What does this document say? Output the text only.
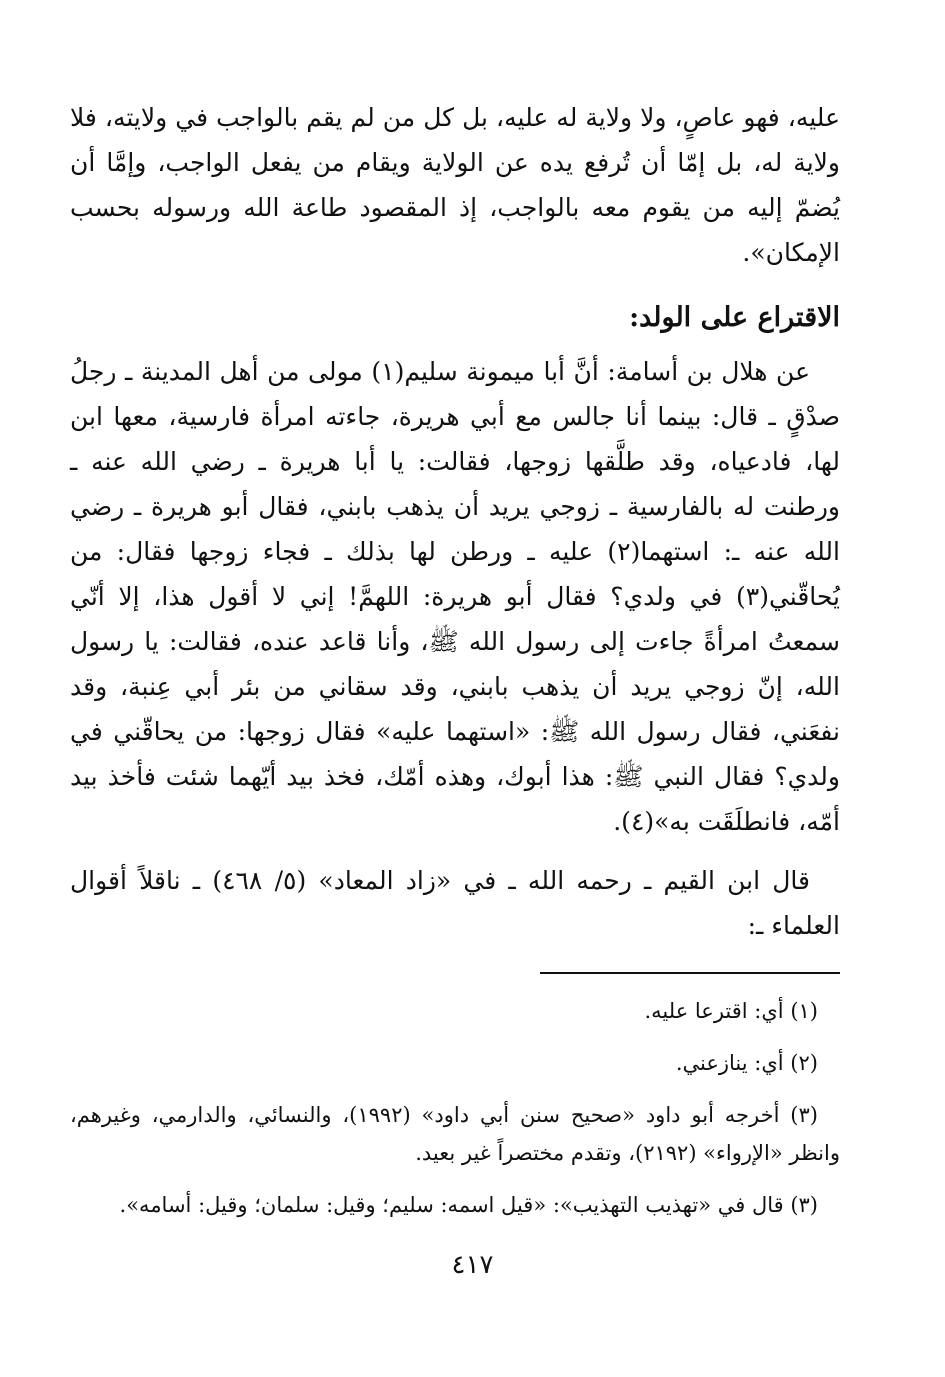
عليه، فهو عاصٍ، ولا ولاية له عليه، بل كل من لم يقم بالواجب في ولايته، فلا ولاية له، بل إمّا أن تُرفع يده عن الولاية ويقام من يفعل الواجب، وإمَّا أن يُضمّ إليه من يقوم معه بالواجب، إذ المقصود طاعة الله ورسوله بحسب الإمكان».

الاقتراع على الولد:

عن هلال بن أسامة: أنَّ أبا ميمونة سليم(١) مولى من أهل المدينة ـ رجلُ صدْقٍ ـ قال: بينما أنا جالس مع أبي هريرة، جاءته امرأة فارسية، معها ابن لها، فادعياه، وقد طلَّقها زوجها، فقالت: يا أبا هريرة ـ رضي الله عنه ـ ورطنت له بالفارسية ـ زوجي يريد أن يذهب بابني، فقال أبو هريرة ـ رضي الله عنه ـ: استهما(٢) عليه ـ ورطن لها بذلك ـ فجاء زوجها فقال: من يُحاقّني(٣) في ولدي؟ فقال أبو هريرة: اللهمَّ! إني لا أقول هذا، إلا أنّي سمعتُ امرأةً جاءت إلى رسول الله ﷺ، وأنا قاعد عنده، فقالت: يا رسول الله، إنّ زوجي يريد أن يذهب بابني، وقد سقاني من بئر أبي عِنبة، وقد نفعَني، فقال رسول الله ﷺ: «استهما عليه» فقال زوجها: من يحاقّني في ولدي؟ فقال النبي ﷺ: هذا أبوك، وهذه أمّك، فخذ بيد أيّهما شئت فأخذ بيد أمّه، فانطلَقَت به»(٤).

قال ابن القيم ـ رحمه الله ـ في «زاد المعاد» (٥/ ٤٦٨) ـ ناقلاً أقوال العلماء ـ:

(١) أي: اقترعا عليه.

(٢) أي: ينازعني.

(٣) أخرجه أبو داود «صحيح سنن أبي داود» (١٩٩٢)، والنسائي، والدارمي، وغيرهم، وانظر «الإرواء» (٢١٩٢)، وتقدم مختصراً غير بعيد.

(٣) قال في «تهذيب التهذيب»: «قيل اسمه: سليم؛ وقيل: سلمان؛ وقيل: أسامه».

٤١٧
